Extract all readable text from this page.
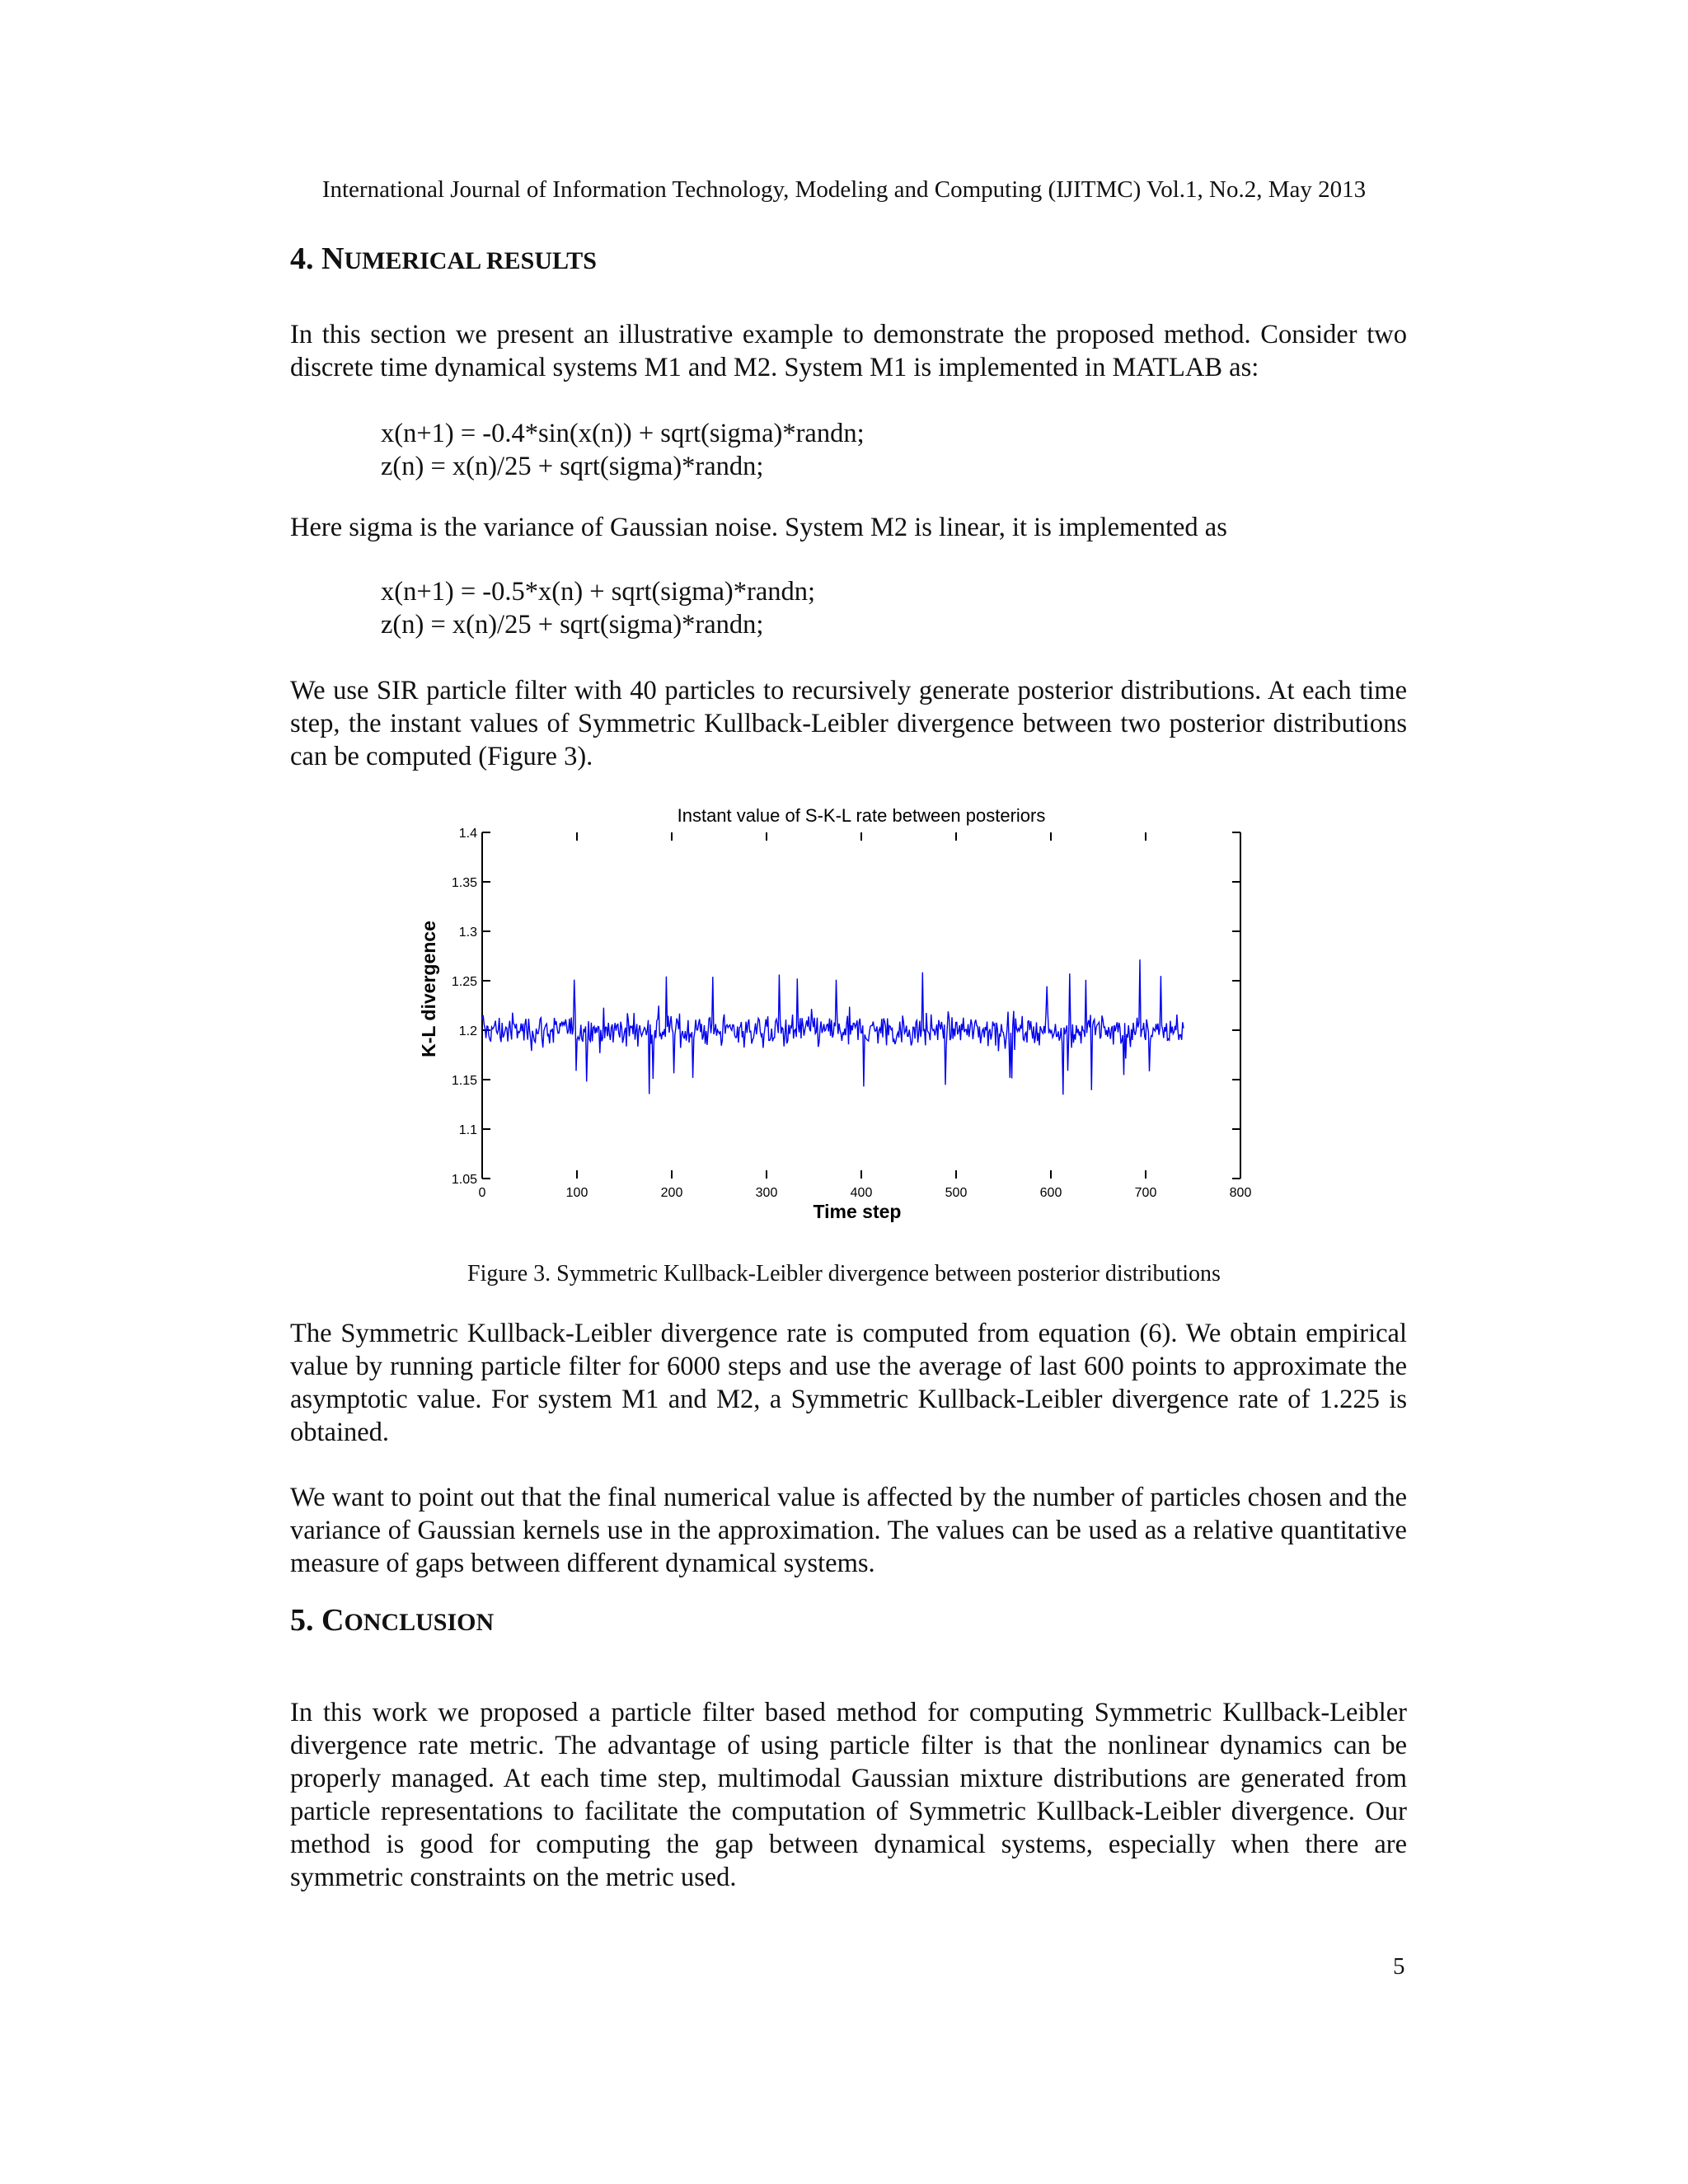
International Journal of Information Technology, Modeling and Computing (IJITMC) Vol.1, No.2, May 2013
4. NUMERICAL RESULTS
In this section we present an illustrative example to demonstrate the proposed method. Consider two discrete time dynamical systems M1 and M2. System M1 is implemented in MATLAB as:
x(n+1) = -0.4*sin(x(n)) + sqrt(sigma)*randn;
z(n) = x(n)/25 + sqrt(sigma)*randn;
Here sigma is the variance of Gaussian noise. System M2 is linear, it is implemented as
x(n+1) = -0.5*x(n) + sqrt(sigma)*randn;
z(n) = x(n)/25 + sqrt(sigma)*randn;
We use SIR particle filter with 40 particles to recursively generate posterior distributions. At each time step, the instant values of Symmetric Kullback-Leibler divergence between two posterior distributions can be computed (Figure 3).
Instant value of S-K-L rate between posteriors
0	100	200	300	400	500	600	700	800
1.05
1.1
1.15
1.2
1.25
1.3
1.35
1.4
Time step
K-L divergence
Figure 3. Symmetric Kullback-Leibler divergence between posterior distributions
The Symmetric Kullback-Leibler divergence rate is computed from equation (6). We obtain empirical value by running particle filter for 6000 steps and use the average of last 600 points to approximate the asymptotic value. For system M1 and M2, a Symmetric Kullback-Leibler divergence rate of 1.225 is obtained.
We want to point out that the final numerical value is affected by the number of particles chosen and the variance of Gaussian kernels use in the approximation. The values can be used as a relative quantitative measure of gaps between different dynamical systems.
5. CONCLUSION
In this work we proposed a particle filter based method for computing Symmetric Kullback-Leibler divergence rate metric. The advantage of using particle filter is that the nonlinear dynamics can be properly managed. At each time step, multimodal Gaussian mixture distributions are generated from particle representations to facilitate the computation of Symmetric Kullback-Leibler divergence. Our method is good for computing the gap between dynamical systems, especially when there are symmetric constraints on the metric used.
5
